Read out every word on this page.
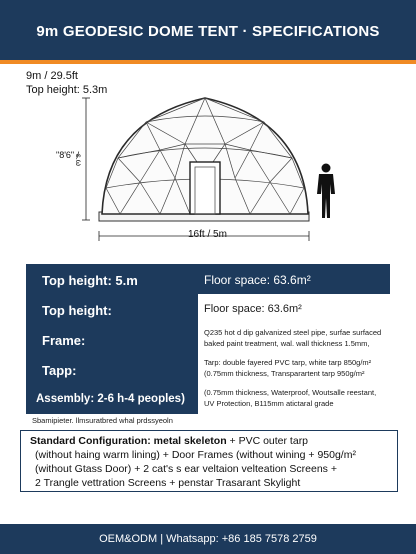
9m GEODESIC DOME TENT · SPECIFICATIONS
9m / 29.5ft
Top height: 5.3m
16ft / 5m
"8'6" /
ε.ω
Top height: 5.m	Floor space: 63.6m²
Top height:	Floor space: 63.6m²
Frame:
Q235 hot d dip galvanized steel pipe, surfae surfaced
baked paint treatment, wal. wall thickness 1.5mm,
Tapp:
Tarp: double fayered PVC tarp, white tarp 850g/m²
(0.75mm thickness, Transparartent tarp 950g/m²
Assembly: 2-6 h-4 peoples)
(0.75mm thickness, Waterproof, Woutsalle reestant,
UV Protection, B115mm atictaral grade
Sbamipieter. llmsuratbred whal prdssyeoln
Standard Configuration: metal skeleton + PVC outer tarp
(without haing warm lining) + Door Frames (without wining + 950g/m²
(without Gtass Door) + 2 cat's s ear veltaion velteation Screens +
2 Trangle vettration Screens + penstar Trasarant Skylight
OEM&ODM | Whatsapp: +86 185 7578 2759
